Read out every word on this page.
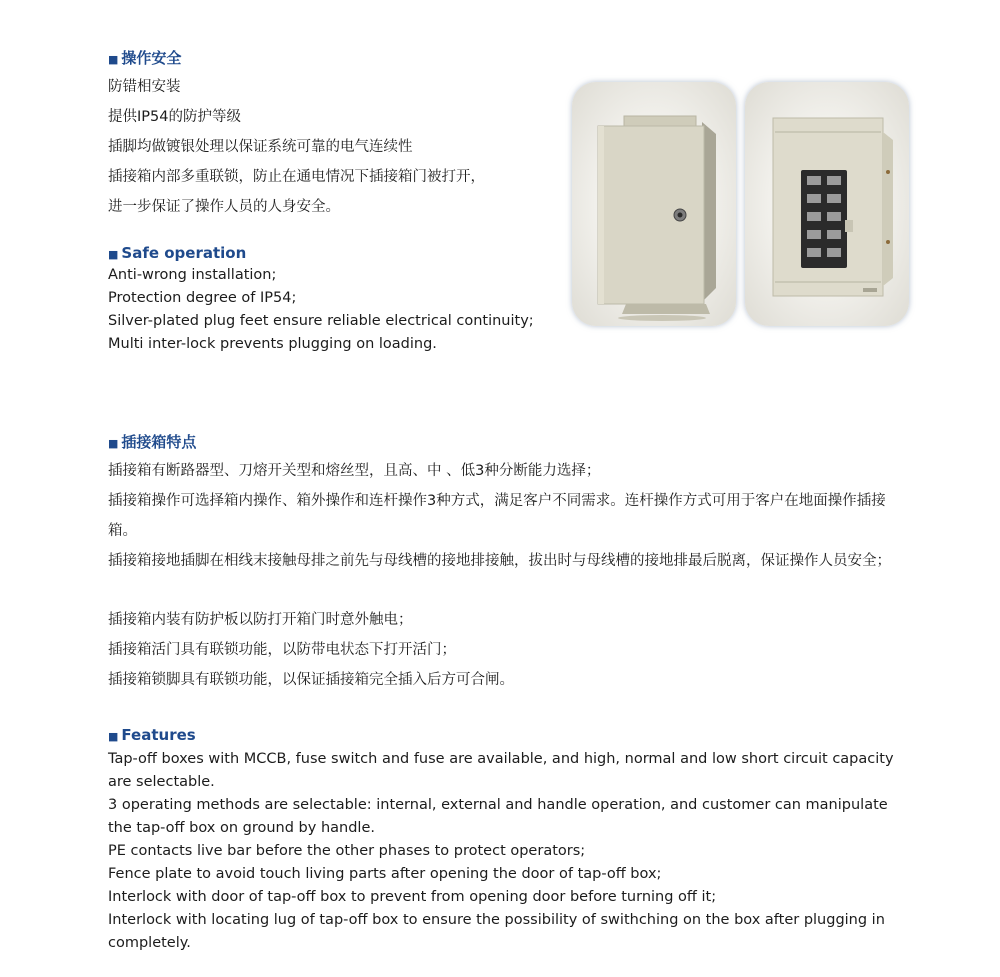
■ 操作安全
防错相安装
提供IP54的防护等级
插脚均做镀银处理以保证系统可靠的电气连续性
插接箱内部多重联锁，防止在通电情况下插接箱门被打开，
进一步保证了操作人员的人身安全。
■ Safe operation
Anti-wrong installation;
Protection degree of IP54;
Silver-plated plug feet ensure reliable electrical continuity;
Multi inter-lock prevents plugging on loading.
■ 插接箱特点
插接箱有断路器型、刀熔开关型和熔丝型，且高、中 、低3种分断能力选择；
插接箱操作可选择箱内操作、箱外操作和连杆操作3种方式，满足客户不同需求。连杆操作方式可用于客户在地面操作插接箱。
插接箱接地插脚在相线末接触母排之前先与母线槽的接地排接触，拔出时与母线槽的接地排最后脱离，保证操作人员安全；
插接箱内装有防护板以防打开箱门时意外触电；
插接箱活门具有联锁功能，以防带电状态下打开活门；
插接箱锁脚具有联锁功能，以保证插接箱完全插入后方可合闸。
■ Features
Tap-off boxes with MCCB, fuse switch and fuse are available, and high, normal and low short circuit capacity are selectable.
3 operating methods are selectable: internal, external and handle operation, and customer can manipulate the tap-off box on ground by handle.
PE contacts live bar before the other phases to protect operators;
Fence plate to avoid touch living parts after opening the door of tap-off box;
Interlock with door of tap-off box to prevent from opening door before turning off it;
Interlock with locating lug of tap-off box to ensure the possibility of swithching on the box after plugging in completely.
